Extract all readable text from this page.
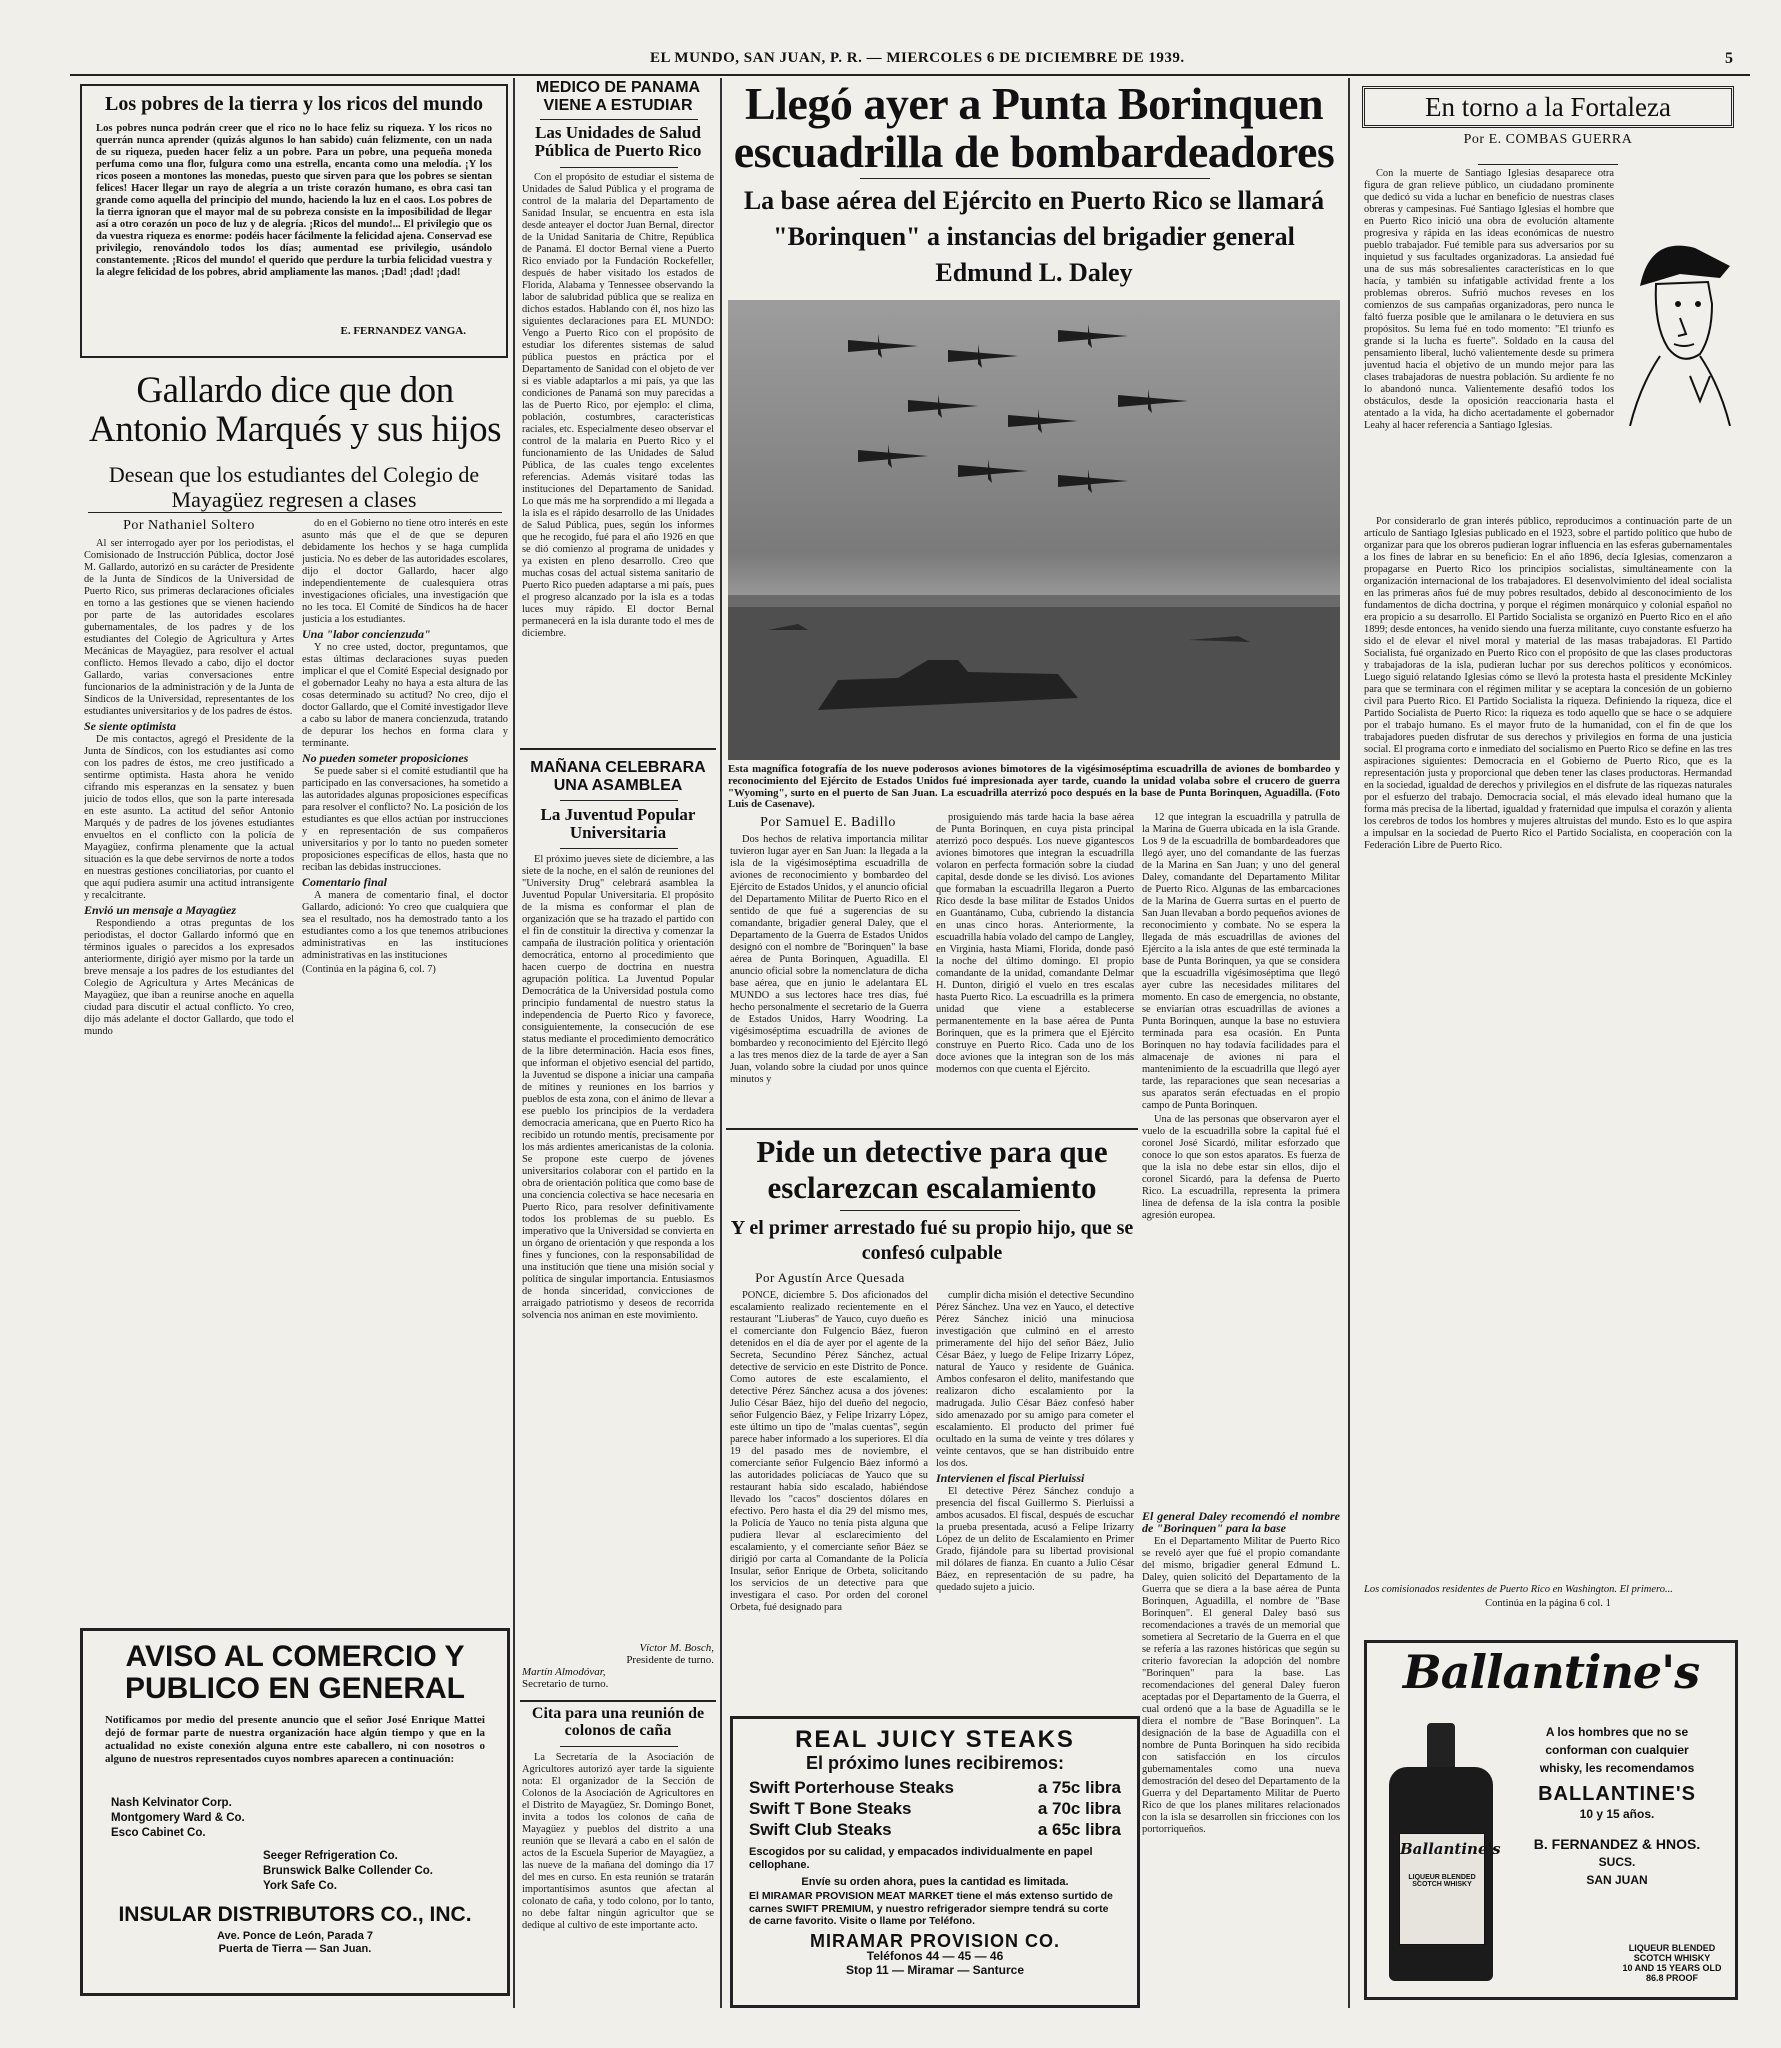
EL MUNDO, SAN JUAN, P. R. — MIERCOLES 6 DE DICIEMBRE DE 1939.	5
Los pobres de la tierra y los ricos del mundo
Los pobres nunca podrán creer que el rico no lo hace feliz su riqueza. Y los ricos no querrán nunca aprender (quizás algunos lo han sabido) cuán felizmente, con un nada de su riqueza, pueden hacer feliz a un pobre. Para un pobre, una pequeña moneda perfuma como una flor, fulgura como una estrella, encanta como una melodía. ¡Y los ricos poseen a montones las monedas, puesto que sirven para que los pobres se sientan felices! Hacer llegar un rayo de alegría a un triste corazón humano, es obra casi tan grande como aquella del principio del mundo, haciendo la luz en el caos. Los pobres de la tierra ignoran que el mayor mal de su pobreza consiste en la imposibilidad de llegar así a otro corazón un poco de luz y de alegría. ¡Ricos del mundo!... El privilegio que os da vuestra riqueza es enorme: podéis hacer fácilmente la felicidad ajena. Conservad ese privilegio, renovándolo todos los días; aumentad ese privilegio, usándolo constantemente. ¡Ricos del mundo! el querido que perdure la turbia felicidad vuestra y la alegre felicidad de los pobres, abrid ampliamente las manos. ¡Dad! ¡dad! ¡dad!
E. FERNANDEZ VANGA.
Gallardo dice que don Antonio Marqués y sus hijos
Desean que los estudiantes del Colegio de Mayagüez regresen a clases
Por Nathaniel Soltero

Al ser interrogado ayer por los periodistas, el Comisionado de Instrucción Pública, doctor José M. Gallardo, autorizó en su carácter de Presidente de la Junta de Síndicos de la Universidad de Puerto Rico, sus primeras declaraciones oficiales en torno a las gestiones que se vienen haciendo por parte de las autoridades escolares gubernamentales, de los padres y de los estudiantes del Colegio de Agricultura y Artes Mecánicas de Mayagüez, para resolver el actual conflicto. Hemos llevado a cabo, dijo el doctor Gallardo, varias conversaciones entre funcionarios de la administración y de la Junta de Síndicos de la Universidad, representantes de los estudiantes universitarios y de los padres de éstos.

Se siente optimista

De mis contactos, agregó el Presidente de la Junta de Síndicos, con los estudiantes así como con los padres de éstos, me creo justificado a sentirme optimista. Hasta ahora he venido cifrando mis esperanzas en la sensatez y buen juicio de todos ellos, que son la parte interesada en este asunto. La actitud del señor Antonio Marqués y de padres de los jóvenes estudiantes envueltos en el conflicto con la policía de Mayagüez, confirma plenamente que la actual situación es la que debe servirnos de norte a todos en nuestras gestiones conciliatorias, por cuanto el que aquí pudiera asumir una actitud intransigente y recalcitrante.

Envió un mensaje a Mayagüez

Respondiendo a otras preguntas de los periodistas, el doctor Gallardo informó que en términos iguales o parecidos a los expresados anteriormente, dirigió ayer mismo por la tarde un breve mensaje a los padres de los estudiantes del Colegio de Agricultura y Artes Mecánicas de Mayagüez, que iban a reunirse anoche en aquella ciudad para discutir el actual conflicto. Yo creo, dijo más adelante el doctor Gallardo, que todo el mundo

do en el Gobierno no tiene otro interés en este asunto más que el de que se depuren debidamente los hechos y se haga cumplida justicia. No es deber de las autoridades escolares, dijo el doctor Gallardo, hacer algo independientemente de cualesquiera otras investigaciones oficiales, una investigación que no les toca. El Comité de Síndicos ha de hacer justicia a los estudiantes.

Una "labor concienzuda"

Y no cree usted, doctor, preguntamos, que estas últimas declaraciones suyas pueden implicar el que el Comité Especial designado por el gobernador Leahy no haya a esta altura de las cosas determinado su actitud? No creo, dijo el doctor Gallardo, que el Comité investigador lleve a cabo su labor de manera concienzuda, tratando de depurar los hechos en forma clara y terminante.

No pueden someter proposiciones

Se puede saber si el comité estudiantil que ha participado en las conversaciones, ha sometido a las autoridades algunas proposiciones específicas para resolver el conflicto? No. La posición de los estudiantes es que ellos actúan por instrucciones y en representación de sus compañeros universitarios y por lo tanto no pueden someter proposiciones específicas de ellos, hasta que no reciban las debidas instrucciones.

Comentario final

A manera de comentario final, el doctor Gallardo, adicionó: Yo creo que cualquiera que sea el resultado, nos ha demostrado tanto a los estudiantes como a los que tenemos atribuciones administrativas en las instituciones administrativas en las instituciones

(Continúa en la página 6, col. 7)

AVISO AL COMERCIO Y
PUBLICO EN GENERAL
Notificamos por medio del presente anuncio que el señor José Enrique Mattei dejó de formar parte de nuestra organización hace algún tiempo y que en la actualidad no existe conexión alguna entre este caballero, ni con nosotros o alguno de nuestros representados cuyos nombres aparecen a continuación:
Nash Kelvinator Corp.
Montgomery Ward & Co.
Esco Cabinet Co.
Seeger Refrigeration Co.
Brunswick Balke Collender Co.
York Safe Co.
INSULAR DISTRIBUTORS CO., INC.
Ave. Ponce de León, Parada 7
Puerta de Tierra — San Juan.
MEDICO DE PANAMA
VIENE A ESTUDIAR
Las Unidades de Salud Pública de Puerto Rico

Con el propósito de estudiar el sistema de Unidades de Salud Pública y el programa de control de la malaria del Departamento de Sanidad Insular, se encuentra en esta isla desde anteayer el doctor Juan Bernal, director de la Unidad Sanitaria de Chitre, República de Panamá. El doctor Bernal viene a Puerto Rico enviado por la Fundación Rockefeller, después de haber visitado los estados de Florida, Alabama y Tennessee observando la labor de salubridad pública que se realiza en dichos estados. Hablando con él, nos hizo las siguientes declaraciones para EL MUNDO: Vengo a Puerto Rico con el propósito de estudiar los diferentes sistemas de salud pública puestos en práctica por el Departamento de Sanidad con el objeto de ver si es viable adaptarlos a mi país, ya que las condiciones de Panamá son muy parecidas a las de Puerto Rico, por ejemplo: el clima, población, costumbres, características raciales, etc. Especialmente deseo observar el control de la malaria en Puerto Rico y el funcionamiento de las Unidades de Salud Pública, de las cuales tengo excelentes referencias. Además visitaré todas las instituciones del Departamento de Sanidad. Lo que más me ha sorprendido a mi llegada a la isla es el rápido desarrollo de las Unidades de Salud Pública, pues, según los informes que he recogido, fué para el año 1926 en que se dió comienzo al programa de unidades y ya existen en pleno desarrollo. Creo que muchas cosas del actual sistema sanitario de Puerto Rico pueden adaptarse a mi país, pues el progreso alcanzado por la isla es a todas luces muy rápido. El doctor Bernal permanecerá en la isla durante todo el mes de diciembre.

MAÑANA CELEBRARA
UNA ASAMBLEA
La Juventud Popular Universitaria

El próximo jueves siete de diciembre, a las siete de la noche, en el salón de reuniones del "University Drug" celebrará asamblea la Juventud Popular Universitaria. El propósito de la misma es conformar el plan de organización que se ha trazado el partido con el fin de constituir la directiva y comenzar la campaña de ilustración política y orientación democrática, entorno al procedimiento que hacen cuerpo de doctrina en nuestra agrupación política. La Juventud Popular Democrática de la Universidad postula como principio fundamental de nuestro status la independencia de Puerto Rico y favorece, consiguientemente, la consecución de ese status mediante el procedimiento democrático de la libre determinación. Hacia esos fines, que informan el objetivo esencial del partido, la Juventud se dispone a iniciar una campaña de mítines y reuniones en los barrios y pueblos de esta zona, con el ánimo de llevar a ese pueblo los principios de la verdadera democracia americana, que en Puerto Rico ha recibido un rotundo mentís, precisamente por los más ardientes americanistas de la colonia. Se propone este cuerpo de jóvenes universitarios colaborar con el partido en la obra de orientación política que como base de una conciencia colectiva se hace necesaria en Puerto Rico, para resolver definitivamente todos los problemas de su pueblo. Es imperativo que la Universidad se convierta en un órgano de orientación y que responda a los fines y funciones, con la responsabilidad de una institución que tiene una misión social y política de singular importancia. Entusiasmos de honda sinceridad, convicciones de arraigado patriotismo y deseos de recorrida solvencia nos animan en este movimiento.

Víctor M. Bosch,
Presidente de turno.
Martín Almodóvar,
Secretario de turno.
Cita para una reunión de colonos de caña

La Secretaría de la Asociación de Agricultores autorizó ayer tarde la siguiente nota: El organizador de la Sección de Colonos de la Asociación de Agricultores en el Distrito de Mayagüez, Sr. Domingo Bonet, invita a todos los colonos de caña de Mayagüez y pueblos del distrito a una reunión que se llevará a cabo en el salón de actos de la Escuela Superior de Mayagüez, a las nueve de la mañana del domingo día 17 del mes en curso. En esta reunión se tratarán importantísimos asuntos que afectan al colonato de caña, y todo colono, por lo tanto, no debe faltar ningún agricultor que se dedique al cultivo de este importante acto.

Llegó ayer a Punta Borinquen
escuadrilla de bombardeadores
La base aérea del Ejército en Puerto Rico se llamará "Borinquen" a instancias del brigadier general Edmund L. Daley
Esta magnífica fotografía de los nueve poderosos aviones bimotores de la vigésimoséptima escuadrilla de aviones de bombardeo y reconocimiento del Ejército de Estados Unidos fué impresionada ayer tarde, cuando la unidad volaba sobre el crucero de guerra "Wyoming", surto en el puerto de San Juan. La escuadrilla aterrizó poco después en la base de Punta Borinquen, Aguadilla. (Foto Luis de Casenave).
Por Samuel E. Badillo

Dos hechos de relativa importancia militar tuvieron lugar ayer en San Juan: la llegada a la isla de la vigésimoséptima escuadrilla de aviones de reconocimiento y bombardeo del Ejército de Estados Unidos, y el anuncio oficial del Departamento Militar de Puerto Rico en el sentido de que fué a sugerencias de su comandante, brigadier general Daley, que el Departamento de la Guerra de Estados Unidos designó con el nombre de "Borinquen" la base aérea de Punta Borinquen, Aguadilla. El anuncio oficial sobre la nomenclatura de dicha base aérea, que en junio le adelantara EL MUNDO a sus lectores hace tres días, fué hecho personalmente el secretario de la Guerra de Estados Unidos, Harry Woodring. La vigésimoséptima escuadrilla de aviones de bombardeo y reconocimiento del Ejército llegó a las tres menos diez de la tarde de ayer a San Juan, volando sobre la ciudad por unos quince minutos y

prosiguiendo más tarde hacia la base aérea de Punta Borinquen, en cuya pista principal aterrizó poco después. Los nueve gigantescos aviones bimotores que integran la escuadrilla volaron en perfecta formación sobre la ciudad capital, desde donde se les divisó. Los aviones que formaban la escuadrilla llegaron a Puerto Rico desde la base militar de Estados Unidos en Guantánamo, Cuba, cubriendo la distancia en unas cinco horas. Anteriormente, la escuadrilla había volado del campo de Langley, en Virginia, hasta Miami, Florida, donde pasó la noche del último domingo. El propio comandante de la unidad, comandante Delmar H. Dunton, dirigió el vuelo en tres escalas hasta Puerto Rico. La escuadrilla es la primera unidad que viene a establecerse permanentemente en la base aérea de Punta Borinquen, que es la primera que el Ejército construye en Puerto Rico. Cada uno de los doce aviones que la integran son de los más modernos con que cuenta el Ejército.

12 que integran la escuadrilla y patrulla de la Marina de Guerra ubicada en la isla Grande. Los 9 de la escuadrilla de bombardeadores que llegó ayer, uno del comandante de las fuerzas de la Marina en San Juan; y uno del general Daley, comandante del Departamento Militar de Puerto Rico. Algunas de las embarcaciones de la Marina de Guerra surtas en el puerto de San Juan llevaban a bordo pequeños aviones de reconocimiento y combate. No se espera la llegada de más escuadrillas de aviones del Ejército a la isla antes de que esté terminada la base de Punta Borinquen, ya que se considera que la escuadrilla vigésimoséptima que llegó ayer cubre las necesidades militares del momento. En caso de emergencia, no obstante, se enviarían otras escuadrillas de aviones a Punta Borinquen, aunque la base no estuviera terminada para esa ocasión. En Punta Borinquen no hay todavía facilidades para el almacenaje de aviones ni para el mantenimiento de la escuadrilla que llegó ayer tarde, las reparaciones que sean necesarias a sus aparatos serán efectuadas en el propio campo de Punta Borinquen.

Una de las personas que observaron ayer el vuelo de la escuadrilla sobre la capital fué el coronel José Sicardó, militar esforzado que conoce lo que son estos aparatos. Es fuerza de que la isla no debe estar sin ellos, dijo el coronel Sicardó, para la defensa de Puerto Rico. La escuadrilla, representa la primera línea de defensa de la isla contra la posible agresión europea.

Pide un detective para que esclarezcan escalamiento
Y el primer arrestado fué su propio hijo, que se confesó culpable
Por Agustín Arce Quesada

PONCE, diciembre 5. Dos aficionados del escalamiento realizado recientemente en el restaurant "Liuberas" de Yauco, cuyo dueño es el comerciante don Fulgencio Báez, fueron detenidos en el día de ayer por el agente de la Secreta, Secundino Pérez Sánchez, actual detective de servicio en este Distrito de Ponce. Como autores de este escalamiento, el detective Pérez Sánchez acusa a dos jóvenes: Julio César Báez, hijo del dueño del negocio, señor Fulgencio Báez, y Felipe Irizarry López, este último un tipo de "malas cuentas", según parece haber informado a los superiores. El día 19 del pasado mes de noviembre, el comerciante señor Fulgencio Báez informó a las autoridades policíacas de Yauco que su restaurant había sido escalado, habiéndose llevado los "cacos" doscientos dólares en efectivo. Pero hasta el día 29 del mismo mes, la Policía de Yauco no tenía pista alguna que pudiera llevar al esclarecimiento del escalamiento, y el comerciante señor Báez se dirigió por carta al Comandante de la Policía Insular, señor Enrique de Orbeta, solicitando los servicios de un detective para que investigara el caso. Por orden del coronel Orbeta, fué designado para

cumplir dicha misión el detective Secundino Pérez Sánchez. Una vez en Yauco, el detective Pérez Sánchez inició una minuciosa investigación que culminó en el arresto primeramente del hijo del señor Báez, Julio César Báez, y luego de Felipe Irizarry López, natural de Yauco y residente de Guánica. Ambos confesaron el delito, manifestando que realizaron dicho escalamiento por la madrugada. Julio César Báez confesó haber sido amenazado por su amigo para cometer el escalamiento. El producto del primer fué ocultado en la suma de veinte y tres dólares y veinte centavos, que se han distribuido entre los dos.

Intervienen el fiscal Pierluissi

El detective Pérez Sánchez condujo a presencia del fiscal Guillermo S. Pierluissi a ambos acusados. El fiscal, después de escuchar la prueba presentada, acusó a Felipe Irizarry López de un delito de Escalamiento en Primer Grado, fijándole para su libertad provisional mil dólares de fianza. En cuanto a Julio César Báez, en representación de su padre, ha quedado sujeto a juicio.

REAL JUICY STEAKS
El próximo lunes recibiremos:
Swift Porterhouse Steaks	a 75c libra
Swift T Bone Steaks	a 70c libra
Swift Club Steaks	a 65c libra
Escogidos por su calidad, y empacados individualmente en papel cellophane.
Envíe su orden ahora, pues la cantidad es limitada.
El MIRAMAR PROVISION MEAT MARKET tiene el más extenso surtido de carnes SWIFT PREMIUM, y nuestro refrigerador siempre tendrá su corte de carne favorito. Visite o llame por Teléfono.
MIRAMAR PROVISION CO.
Teléfonos 44 — 45 — 46
Stop 11 — Miramar — Santurce

El general Daley recomendó el nombre de "Borinquen" para la base

En el Departamento Militar de Puerto Rico se reveló ayer que fué el propio comandante del mismo, brigadier general Edmund L. Daley, quien solicitó del Departamento de la Guerra que se diera a la base aérea de Punta Borinquen, Aguadilla, el nombre de "Base Borinquen". El general Daley basó sus recomendaciones a través de un memorial que sometiera al Secretario de la Guerra en el que se refería a las razones históricas que según su criterio favorecían la adopción del nombre "Borinquen" para la base. Las recomendaciones del general Daley fueron aceptadas por el Departamento de la Guerra, el cual ordenó que a la base de Aguadilla se le diera el nombre de "Base Borinquen". La designación de la base de Aguadilla con el nombre de Punta Borinquen ha sido recibida con satisfacción en los círculos gubernamentales como una nueva demostración del deseo del Departamento de la Guerra y del Departamento Militar de Puerto Rico de que los planes militares relacionados con la isla se desarrollen sin fricciones con los portorriqueños.

En torno a la Fortaleza
Por E. COMBAS GUERRA

Con la muerte de Santiago Iglesias desaparece otra figura de gran relieve público, un ciudadano prominente que dedicó su vida a luchar en beneficio de nuestras clases obreras y campesinas. Fué Santiago Iglesias el hombre que en Puerto Rico inició una obra de evolución altamente progresiva y rápida en las ideas económicas de nuestro pueblo trabajador. Fué temible para sus adversarios por su inquietud y sus facultades organizadoras. La ansiedad fué una de sus más sobresalientes características en lo que hacía, y también su infatigable actividad frente a los problemas obreros. Sufrió muchos reveses en los comienzos de sus campañas organizadoras, pero nunca le faltó fuerza posible que le amilanara o le detuviera en sus propósitos. Su lema fué en todo momento: "El triunfo es grande si la lucha es fuerte". Soldado en la causa del pensamiento liberal, luchó valientemente desde su primera juventud hacia el objetivo de un mundo mejor para las clases trabajadoras de nuestra población. Su ardiente fe no lo abandonó nunca. Valientemente desafió todos los obstáculos, desde la oposición reaccionaria hasta el atentado a la vida, ha dicho acertadamente el gobernador Leahy al hacer referencia a Santiago Iglesias.

Por considerarlo de gran interés público, reproducimos a continuación parte de un artículo de Santiago Iglesias publicado en el 1923, sobre el partido político que hubo de organizar para que los obreros pudieran lograr influencia en las esferas gubernamentales a los fines de labrar en su beneficio: En el año 1896, decía Iglesias, comenzaron a propagarse en Puerto Rico los principios socialistas, simultáneamente con la organización internacional de los trabajadores. El desenvolvimiento del ideal socialista en las primeras años fué de muy pobres resultados, debido al desconocimiento de los fundamentos de dicha doctrina, y porque el régimen monárquico y colonial español no era propicio a su desarrollo. El Partido Socialista se organizó en Puerto Rico en el año 1899; desde entonces, ha venido siendo una fuerza militante, cuyo constante esfuerzo ha sido el de elevar el nivel moral y material de las masas trabajadoras. El Partido Socialista, fué organizado en Puerto Rico con el propósito de que las clases productoras y trabajadoras de la isla, pudieran luchar por sus derechos políticos y económicos. Luego siguió relatando Iglesias cómo se llevó la protesta hasta el presidente McKinley para que se terminara con el régimen militar y se aceptara la concesión de un gobierno civil para Puerto Rico. El Partido Socialista la riqueza. Definiendo la riqueza, dice el Partido Socialista de Puerto Rico: la riqueza es todo aquello que se hace o se adquiere por el trabajo humano. Es el mayor fruto de la humanidad, con el fin de que los trabajadores pueden disfrutar de sus derechos y privilegios en forma de una justicia social. El programa corto e inmediato del socialismo en Puerto Rico se define en las tres aspiraciones siguientes: Democracia en el Gobierno de Puerto Rico, que es la representación justa y proporcional que deben tener las clases productoras. Hermandad en la sociedad, igualdad de derechos y privilegios en el disfrute de las riquezas naturales por el esfuerzo del trabajo. Democracia social, el más elevado ideal humano que la forma más precisa de la libertad, igualdad y fraternidad que impulsa el corazón y alienta los cerebros de todos los hombres y mujeres altruistas del mundo. Esto es lo que aspira a impulsar en la sociedad de Puerto Rico el Partido Socialista, en cooperación con la Federación Libre de Puerto Rico.

Los comisionados residentes de Puerto Rico en Washington. El primero...
Continúa en la página 6 col. 1
Ballantine's
A los hombres que no se
conforman con cualquier
whisky, les recomendamos
BALLANTINE'S
10 y 15 años.
B. FERNANDEZ & HNOS.
SUCS.
SAN JUAN
Ballantine's
LIQUEUR BLENDED
SCOTCH WHISKY
LIQUEUR BLENDED
SCOTCH WHISKY
10 AND 15 YEARS OLD
86.8 PROOF
